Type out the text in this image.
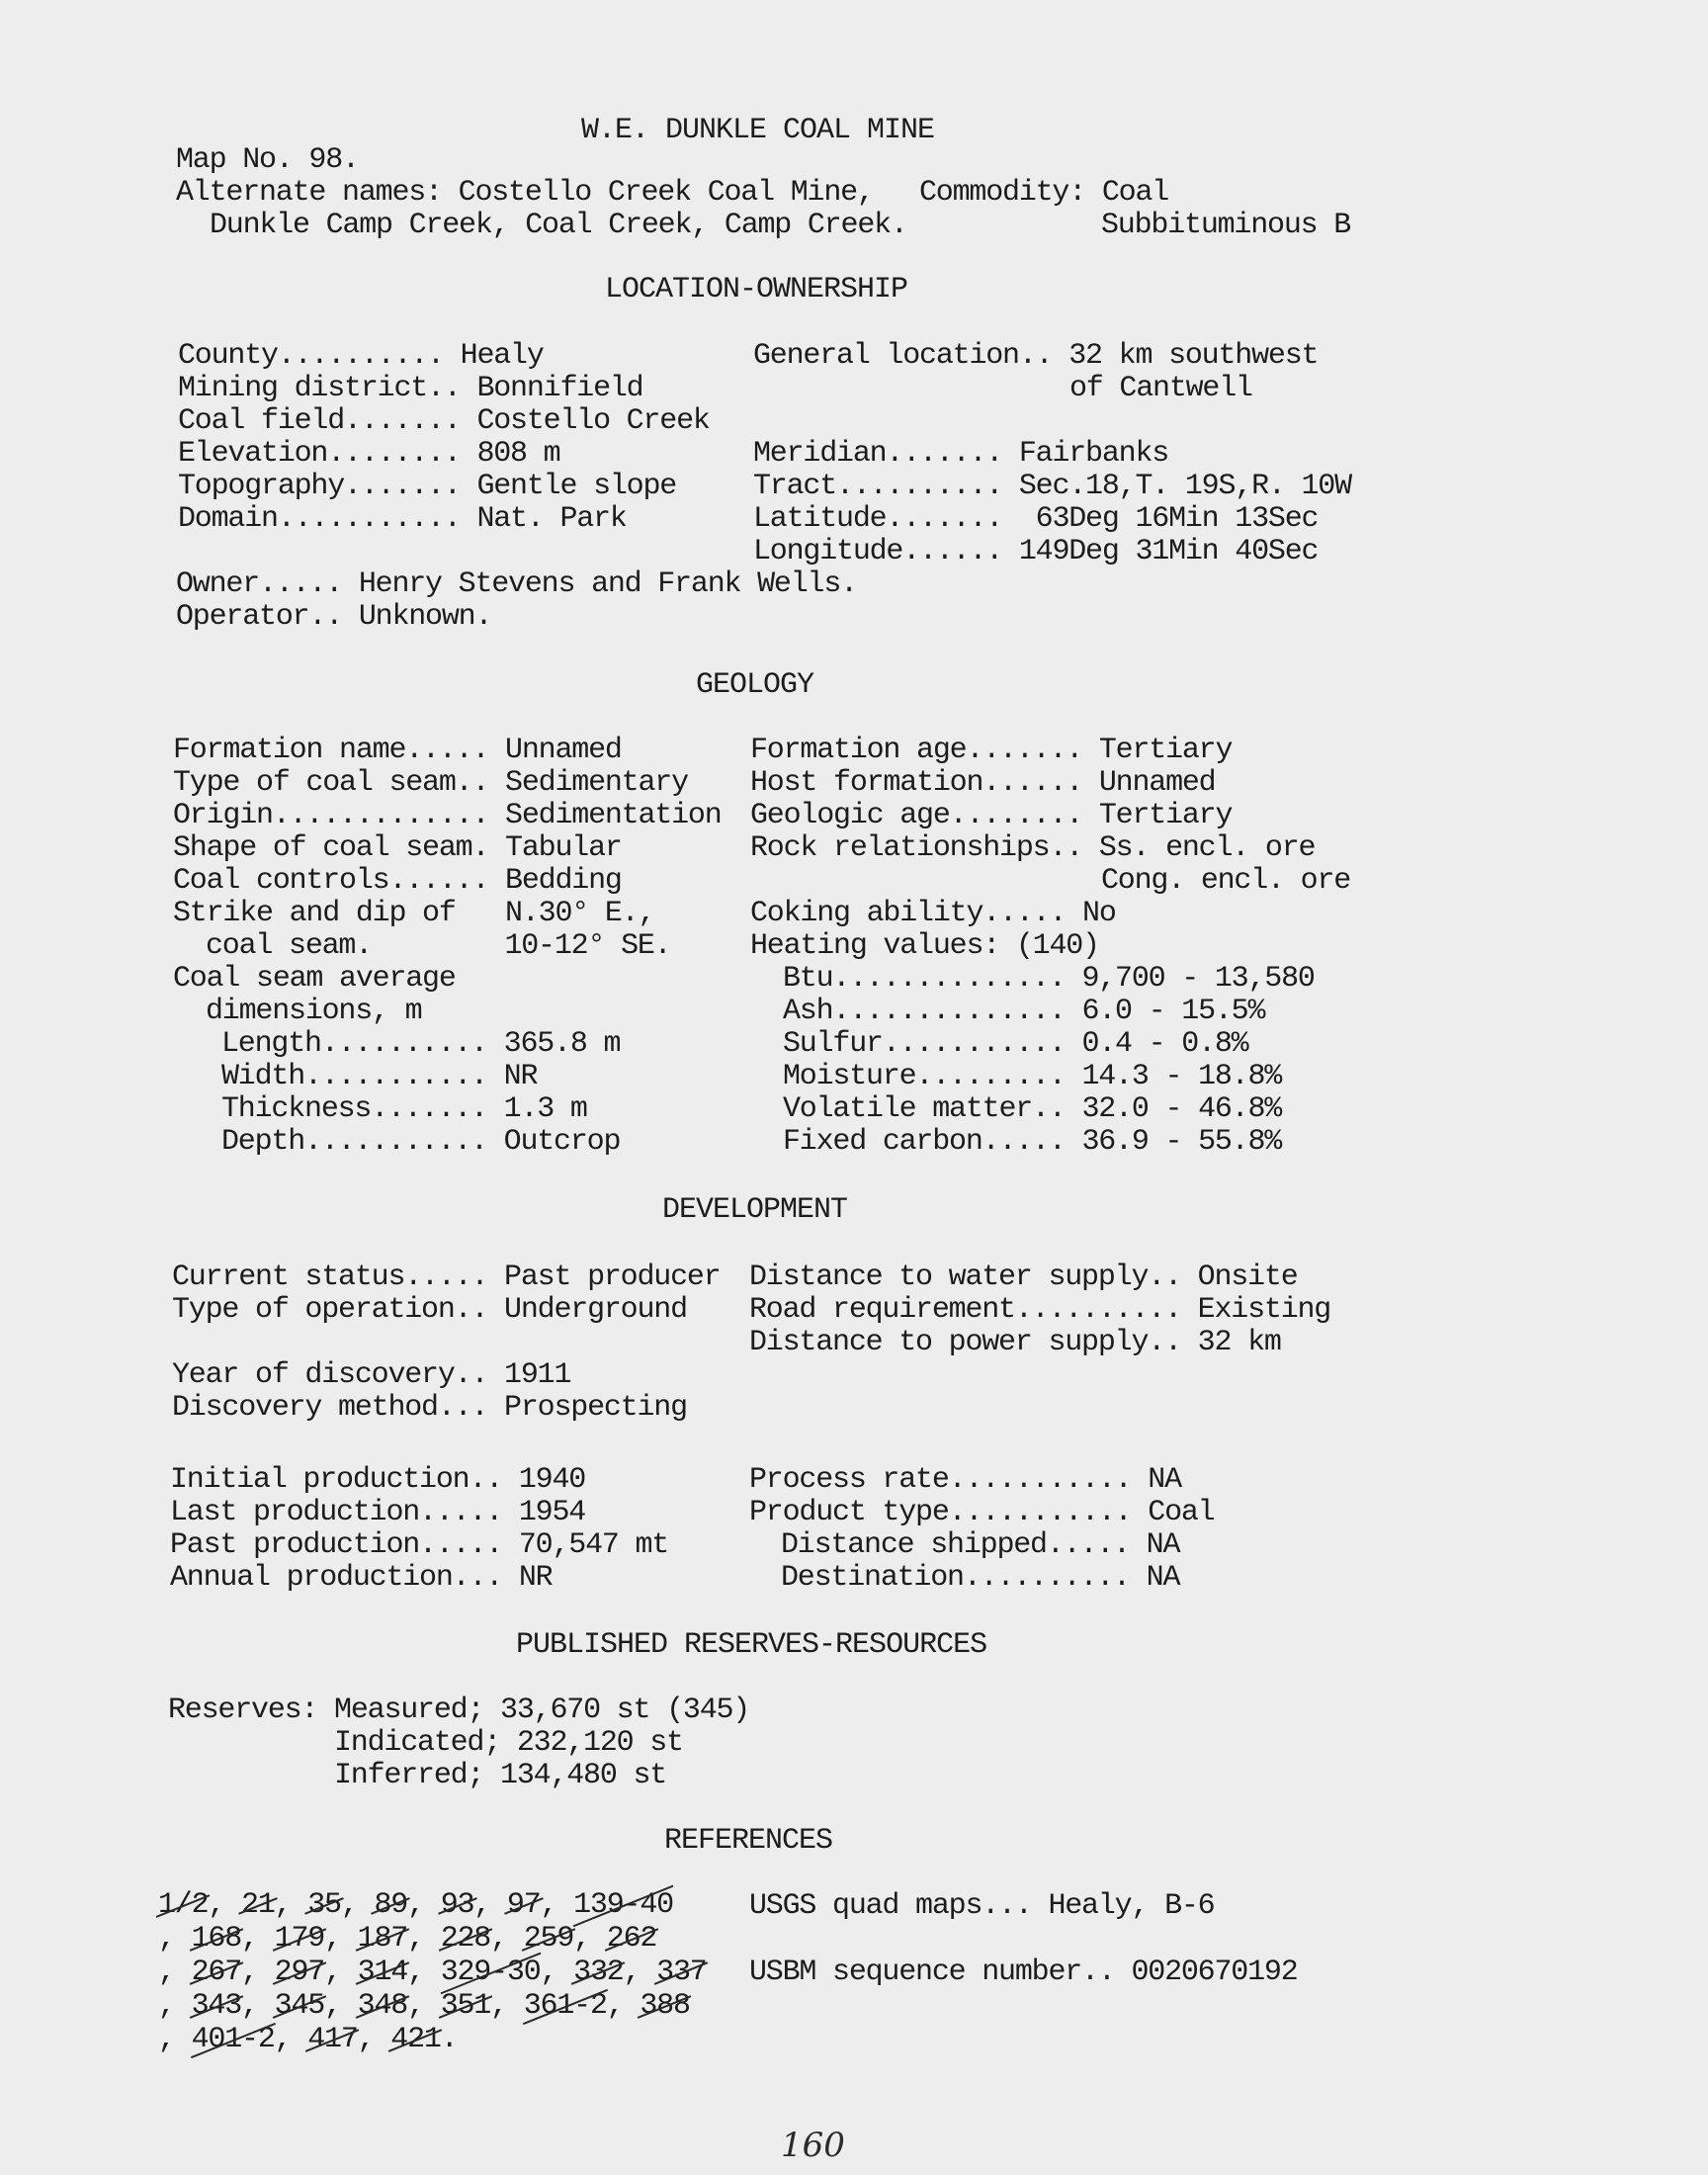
W.E. DUNKLE COAL MINE
Map No. 98.
Alternate names: Costello Creek Coal Mine, Commodity: Coal
Dunkle Camp Creek, Coal Creek, Camp Creek.	Subbituminous B
LOCATION-OWNERSHIP
County.......... Healy
Mining district.. Bonnifield
Coal field....... Costello Creek
Elevation........ 808 m
Topography....... Gentle slope
Domain........... Nat. Park
General location.. 32 km southwest
of Cantwell
Meridian....... Fairbanks
Tract.......... Sec.18,T. 19S,R. 10W
Latitude.......  63Deg 16Min 13Sec
Longitude...... 149Deg 31Min 40Sec
Owner..... Henry Stevens and Frank Wells.
Operator.. Unknown.
GEOLOGY
Formation name..... Unnamed
Type of coal seam.. Sedimentary
Origin............. Sedimentation
Shape of coal seam. Tabular
Coal controls...... Bedding
Strike and dip of   N.30° E.,
coal seam.        10-12° SE.
Coal seam average
dimensions, m
Length.......... 365.8 m
Width........... NR
Thickness....... 1.3 m
Depth........... Outcrop
Formation age....... Tertiary
Host formation...... Unnamed
Geologic age........ Tertiary
Rock relationships.. Ss. encl. ore
Cong. encl. ore
Coking ability..... No
Heating values: (140)
Btu.............. 9,700 - 13,580
Ash.............. 6.0 - 15.5%
Sulfur........... 0.4 - 0.8%
Moisture......... 14.3 - 18.8%
Volatile matter.. 32.0 - 46.8%
Fixed carbon..... 36.9 - 55.8%
DEVELOPMENT
Current status..... Past producer
Type of operation.. Underground
Year of discovery.. 1911
Discovery method... Prospecting
Distance to water supply.. Onsite
Road requirement.......... Existing
Distance to power supply.. 32 km
Initial production.. 1940
Last production..... 1954
Past production..... 70,547 mt
Annual production... NR
Process rate........... NA
Product type........... Coal
Distance shipped..... NA
Destination.......... NA
PUBLISHED RESERVES-RESOURCES
Reserves: Measured; 33,670 st (345)
Indicated; 232,120 st
Inferred; 134,480 st
REFERENCES
1/2, 21, 35, 89, 93, 97, 139-40, 168, 179, 187, 228, 259, 262, 267, 297, 314, 329-30, 332, 337, 343, 345, 348, 351, 361-2, 388, 401-2, 417, 421.
USGS quad maps... Healy, B-6
USBM sequence number.. 0020670192
160
